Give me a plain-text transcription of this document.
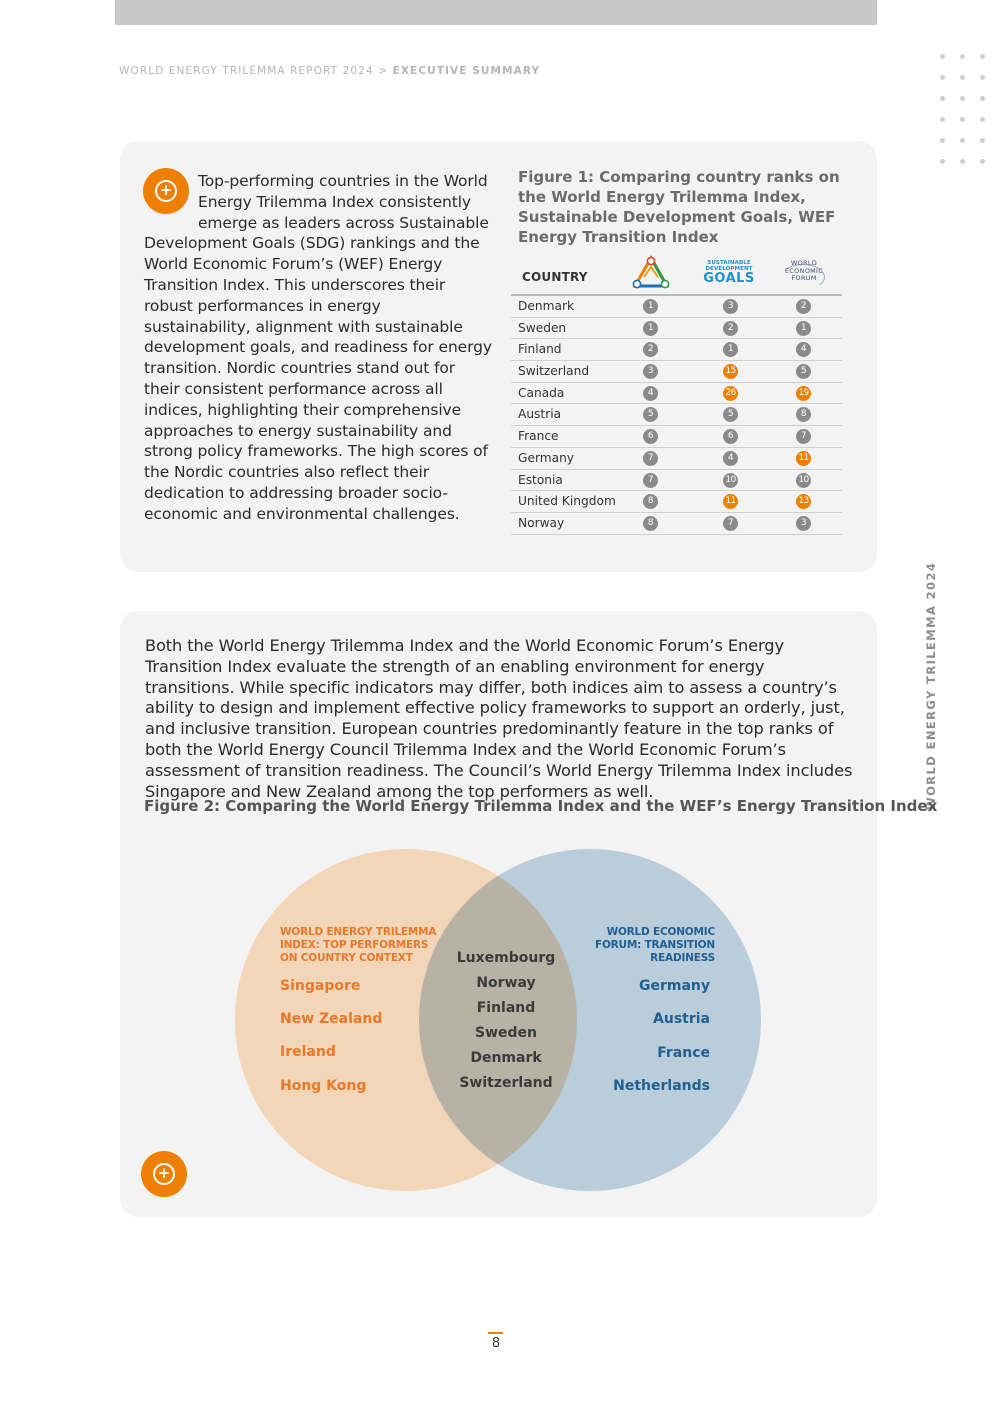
WORLD ENERGY TRILEMMA REPORT 2024 > EXECUTIVE SUMMARY
WORLD ENERGY TRILEMMA 2024
+
Top-performing countries in the World Energy Trilemma Index consistently emerge as leaders across Sustainable Development Goals (SDG) rankings and the World Economic Forum’s (WEF) Energy Transition Index. This underscores their robust performances in energy sustainability, alignment with sustainable development goals, and readiness for energy transition. Nordic countries stand out for their consistent performance across all indices, highlighting their comprehensive approaches to energy sustainability and strong policy frameworks. The high scores of the Nordic countries also reflect their dedication to addressing broader socio-economic and environmental challenges.
Figure 1: Comparing country ranks on the World Energy Trilemma Index, Sustainable Development Goals, WEF Energy Transition Index
COUNTRY
SUSTAINABLE DEVELOPMENT
GOALS
WORLD
ECONOMIC
FORUM
Denmark	1	3	2
Sweden	1	2	1
Finland	2	1	4
Switzerland	3	15	5
Canada	4	26	19
Austria	5	5	8
France	6	6	7
Germany	7	4	11
Estonia	7	10	10
United Kingdom	8	11	13
Norway	8	7	3
Both the World Energy Trilemma Index and the World Economic Forum’s Energy Transition Index evaluate the strength of an enabling environment for energy transitions. While specific indicators may differ, both indices aim to assess a country’s ability to design and implement effective policy frameworks to support an orderly, just, and inclusive transition. European countries predominantly feature in the top ranks of both the World Energy Council Trilemma Index and the World Economic Forum’s assessment of transition readiness. The Council’s World Energy Trilemma Index includes Singapore and New Zealand among the top performers as well.
Figure 2: Comparing the World Energy Trilemma Index and the WEF’s Energy Transition Index
WORLD ENERGY TRILEMMA INDEX: TOP PERFORMERS ON COUNTRY CONTEXT
WORLD ECONOMIC FORUM: TRANSITION READINESS
Singapore
New Zealand
Ireland
Hong Kong
Germany
Austria
France
Netherlands
Luxembourg
Norway
Finland
Sweden
Denmark
Switzerland
+
8
